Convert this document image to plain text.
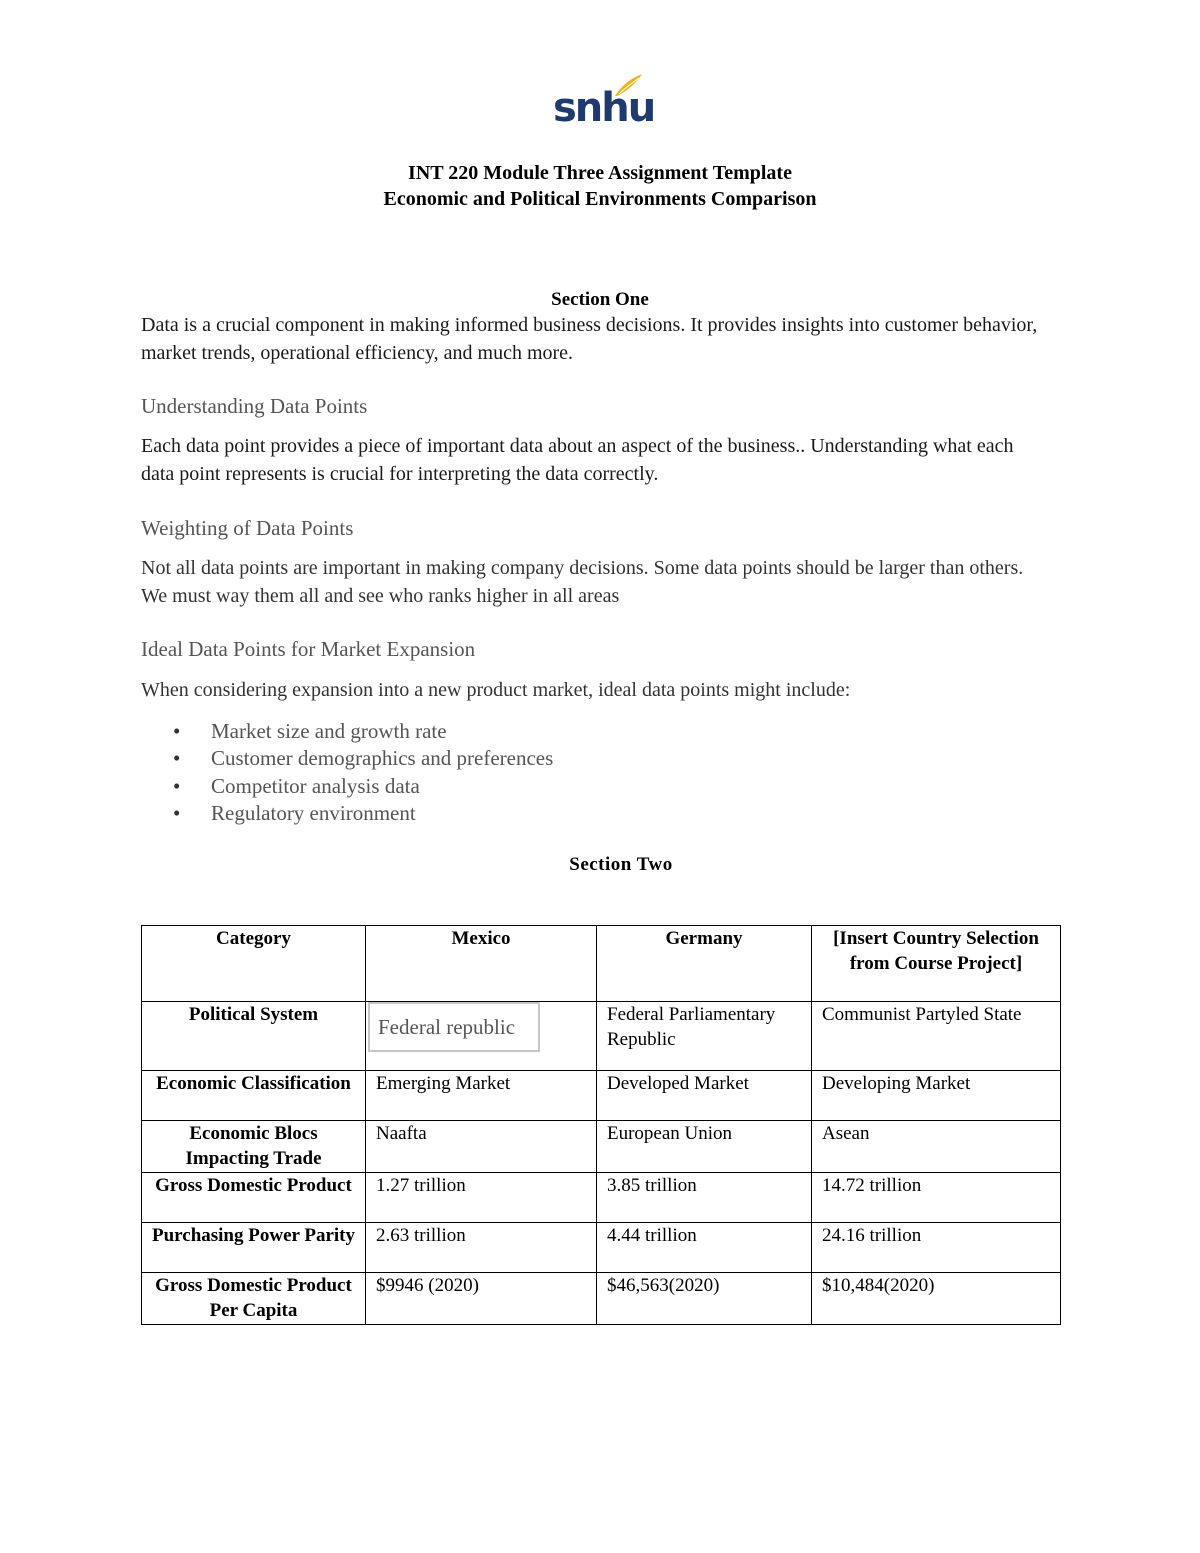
snhu
INT 220 Module Three Assignment Template
Economic and Political Environments Comparison
Section One
Data is a crucial component in making informed business decisions. It provides insights into customer behavior, market trends, operational efficiency, and much more.
Understanding Data Points
Each data point provides a piece of important data about an aspect of the business.. Understanding what each data point represents is crucial for interpreting the data correctly.
Weighting of Data Points
Not all data points are important in making company decisions. Some data points should be larger than others. We must way them all and see who ranks higher in all areas
Ideal Data Points for Market Expansion
When considering expansion into a new product market, ideal data points might include:
• Market size and growth rate
• Customer demographics and preferences
• Competitor analysis data
• Regulatory environment
Section Two
Category	Mexico	Germany	[Insert Country Selection from Course Project]
Political System	Federal republic	Federal Parliamentary Republic	Communist Partyled State
Economic Classification	Emerging Market	Developed Market	Developing Market
Economic Blocs Impacting Trade	Naafta	European Union	Asean
Gross Domestic Product	1.27 trillion	3.85 trillion	14.72 trillion
Purchasing Power Parity	2.63 trillion	4.44 trillion	24.16 trillion
Gross Domestic Product Per Capita	$9946 (2020)	$46,563(2020)	$10,484(2020)
